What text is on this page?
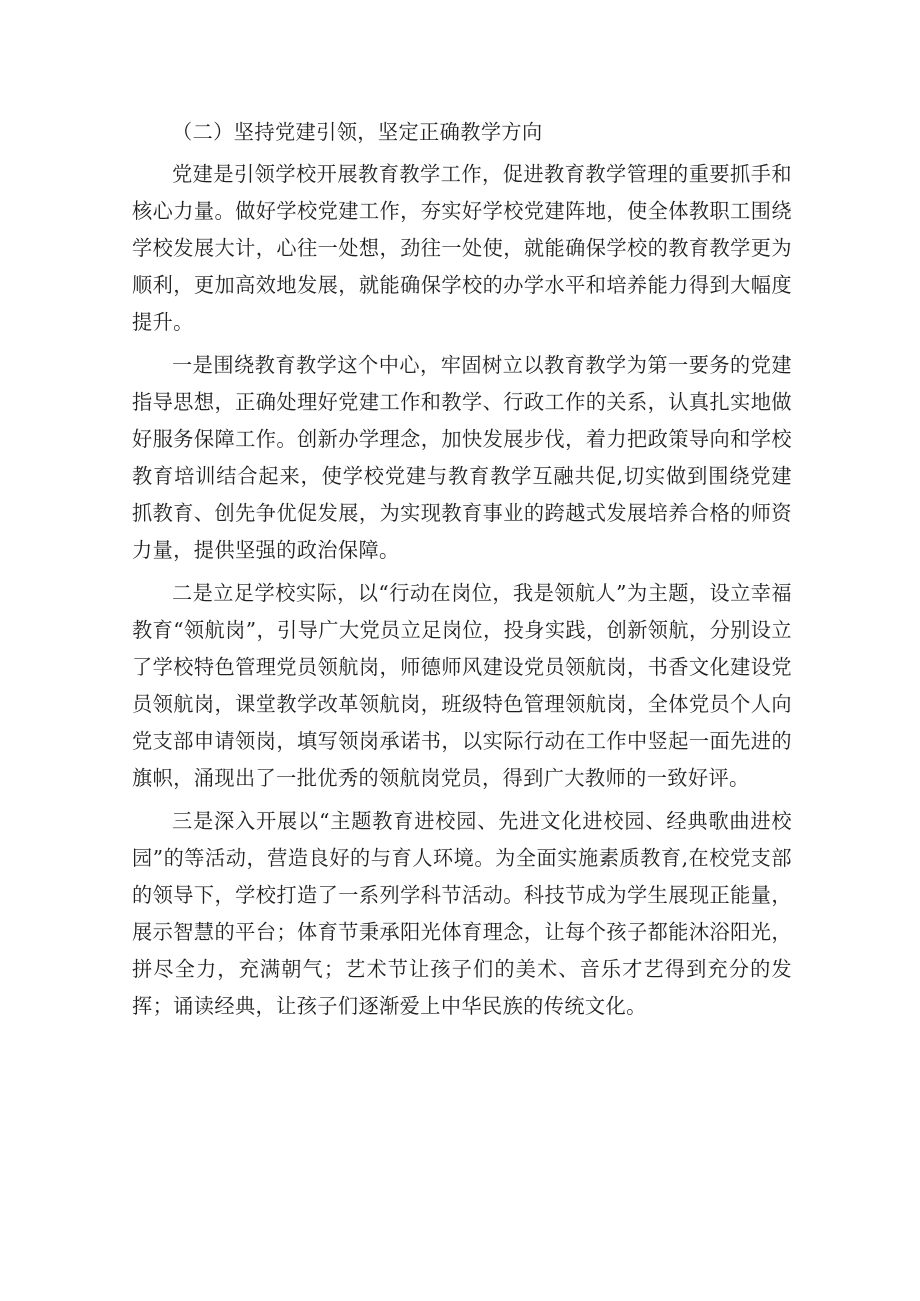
（二）坚持党建引领，坚定正确教学方向

党建是引领学校开展教育教学工作，促进教育教学管理的重要抓手和核心力量。做好学校党建工作，夯实好学校党建阵地，使全体教职工围绕学校发展大计，心往一处想，劲往一处使，就能确保学校的教育教学更为顺利，更加高效地发展，就能确保学校的办学水平和培养能力得到大幅度提升。

一是围绕教育教学这个中心，牢固树立以教育教学为第一要务的党建指导思想，正确处理好党建工作和教学、行政工作的关系，认真扎实地做好服务保障工作。创新办学理念，加快发展步伐，着力把政策导向和学校教育培训结合起来，使学校党建与教育教学互融共促,切实做到围绕党建抓教育、创先争优促发展，为实现教育事业的跨越式发展培养合格的师资力量，提供坚强的政治保障。

二是立足学校实际，以“行动在岗位，我是领航人”为主题，设立幸福教育“领航岗”，引导广大党员立足岗位，投身实践，创新领航，分别设立了学校特色管理党员领航岗，师德师风建设党员领航岗，书香文化建设党员领航岗，课堂教学改革领航岗，班级特色管理领航岗，全体党员个人向党支部申请领岗，填写领岗承诺书，以实际行动在工作中竖起一面先进的旗帜，涌现出了一批优秀的领航岗党员，得到广大教师的一致好评。

三是深入开展以“主题教育进校园、先进文化进校园、经典歌曲进校园”的等活动，营造良好的与育人环境。为全面实施素质教育,在校党支部的领导下，学校打造了一系列学科节活动。科技节成为学生展现正能量，展示智慧的平台；体育节秉承阳光体育理念，让每个孩子都能沐浴阳光，拼尽全力，充满朝气；艺术节让孩子们的美术、音乐才艺得到充分的发挥；诵读经典，让孩子们逐渐爱上中华民族的传统文化。
